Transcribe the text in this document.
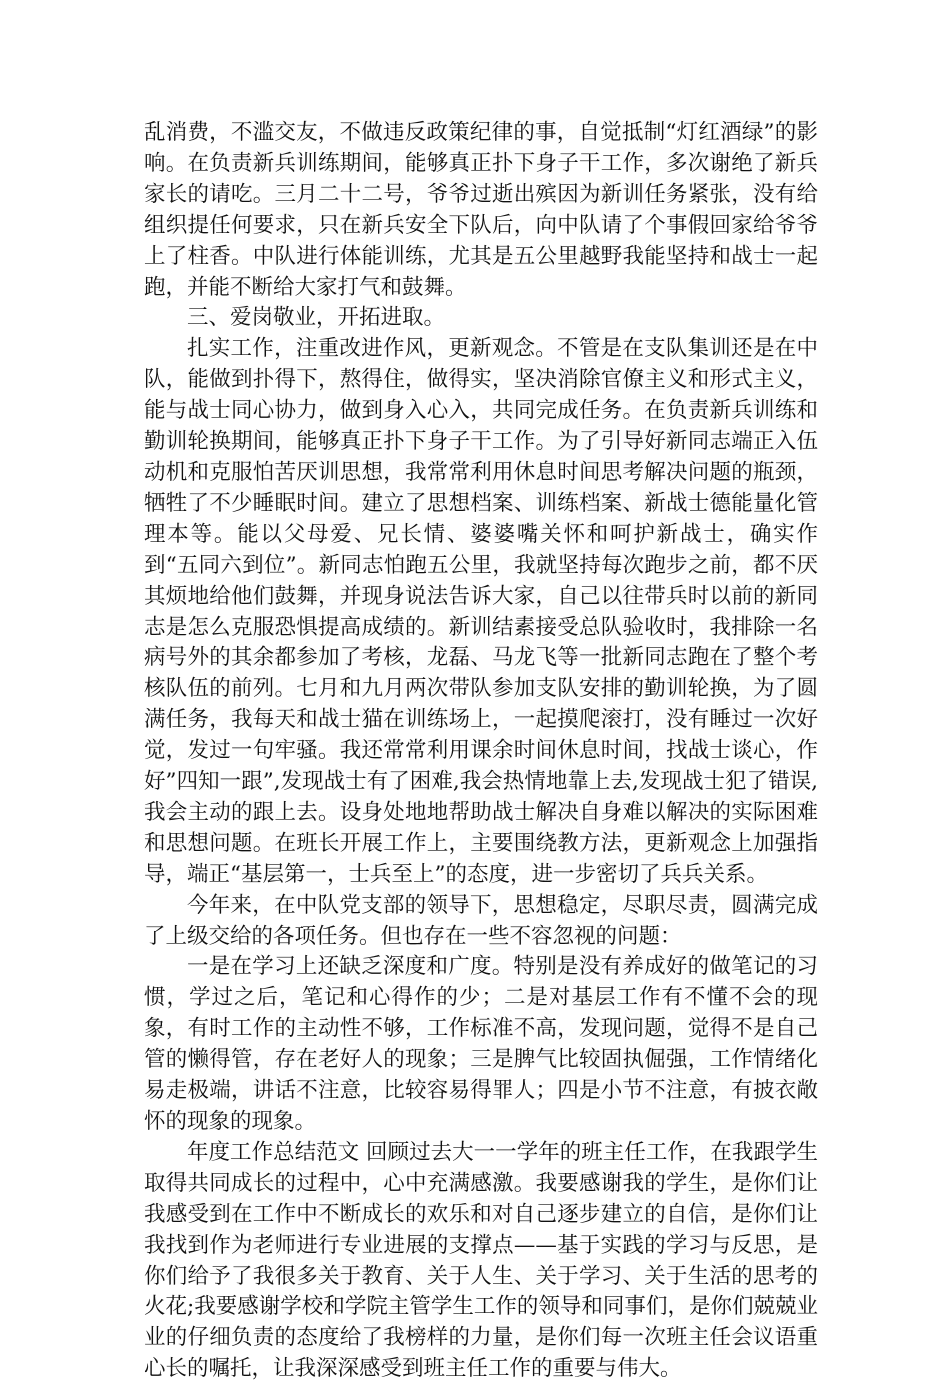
乱消费，不滥交友，不做违反政策纪律的事，自觉抵制“灯红酒绿”的影响。在负责新兵训练期间，能够真正扑下身子干工作，多次谢绝了新兵家长的请吃。三月二十二号，爷爷过逝出殡因为新训任务紧张，没有给组织提任何要求，只在新兵安全下队后，向中队请了个事假回家给爷爷上了柱香。中队进行体能训练，尤其是五公里越野我能坚持和战士一起跑，并能不断给大家打气和鼓舞。

三、爱岗敬业，开拓进取。

扎实工作，注重改进作风，更新观念。不管是在支队集训还是在中队，能做到扑得下，熬得住，做得实，坚决消除官僚主义和形式主义，能与战士同心协力，做到身入心入，共同完成任务。在负责新兵训练和勤训轮换期间，能够真正扑下身子干工作。为了引导好新同志端正入伍动机和克服怕苦厌训思想，我常常利用休息时间思考解决问题的瓶颈，牺牲了不少睡眠时间。建立了思想档案、训练档案、新战士德能量化管理本等。能以父母爱、兄长情、婆婆嘴关怀和呵护新战士，确实作到“五同六到位”。新同志怕跑五公里，我就坚持每次跑步之前，都不厌其烦地给他们鼓舞，并现身说法告诉大家，自己以往带兵时以前的新同志是怎么克服恐惧提高成绩的。新训结素接受总队验收时，我排除一名病号外的其余都参加了考核，龙磊、马龙飞等一批新同志跑在了整个考核队伍的前列。七月和九月两次带队参加支队安排的勤训轮换，为了圆满任务，我每天和战士猫在训练场上，一起摸爬滚打，没有睡过一次好觉，发过一句牢骚。我还常常利用课余时间休息时间，找战士谈心，作好”四知一跟”,发现战士有了困难,我会热情地靠上去,发现战士犯了错误,我会主动的跟上去。设身处地地帮助战士解决自身难以解决的实际困难和思想问题。在班长开展工作上，主要围绕教方法，更新观念上加强指导，端正“基层第一，士兵至上”的态度，进一步密切了兵兵关系。

今年来，在中队党支部的领导下，思想稳定，尽职尽责，圆满完成了上级交给的各项任务。但也存在一些不容忽视的问题：

一是在学习上还缺乏深度和广度。特别是没有养成好的做笔记的习惯，学过之后，笔记和心得作的少；二是对基层工作有不懂不会的现象，有时工作的主动性不够，工作标准不高，发现问题，觉得不是自己管的懒得管，存在老好人的现象；三是脾气比较固执倔强，工作情绪化易走极端，讲话不注意，比较容易得罪人；四是小节不注意，有披衣敞怀的现象的现象。

年度工作总结范文 回顾过去大一一学年的班主任工作，在我跟学生取得共同成长的过程中，心中充满感激。我要感谢我的学生，是你们让我感受到在工作中不断成长的欢乐和对自己逐步建立的自信，是你们让我找到作为老师进行专业进展的支撑点——基于实践的学习与反思，是你们给予了我很多关于教育、关于人生、关于学习、关于生活的思考的火花;我要感谢学校和学院主管学生工作的领导和同事们，是你们兢兢业业的仔细负责的态度给了我榜样的力量，是你们每一次班主任会议语重心长的嘱托，让我深深感受到班主任工作的重要与伟大。
